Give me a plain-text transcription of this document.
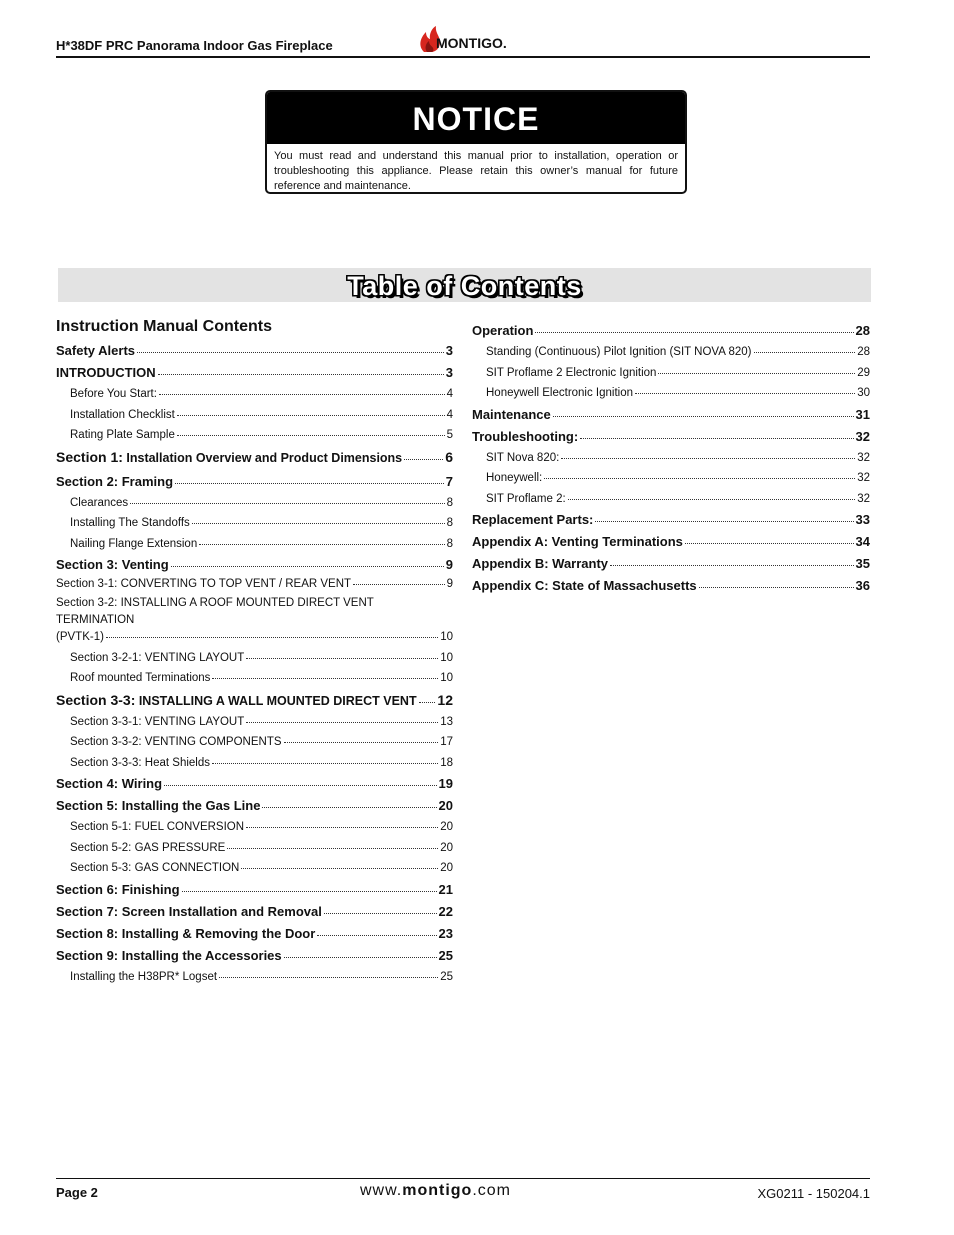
H*38DF PRC Panorama Indoor Gas Fireplace	MONTIGO.
NOTICE
You must read and understand this manual prior to installation, operation or troubleshooting this appliance. Please retain this owner’s manual for future reference and maintenance.
Table of Contents
Instruction Manual Contents
Safety Alerts	3
INTRODUCTION	3
Before You Start:	4
Installation Checklist	4
Rating Plate Sample	5
Section 1: Installation Overview and Product Dimensions	6
Section 2: Framing	7
Clearances	8
Installing The Standoffs	8
Nailing Flange Extension	8
Section 3: Venting	9
Section 3-1: CONVERTING TO TOP VENT / REAR VENT	9
Section 3-2: INSTALLING A ROOF MOUNTED DIRECT VENT TERMINATION
(PVTK-1)	10
Section 3-2-1: VENTING LAYOUT	10
Roof mounted Terminations	10
Section 3-3: INSTALLING A WALL MOUNTED DIRECT VENT 12
Section 3-3-1: VENTING LAYOUT	13
Section 3-3-2: VENTING COMPONENTS	17
Section 3-3-3: Heat Shields	18
Section 4: Wiring	19
Section 5: Installing the Gas Line	20
Section 5-1: FUEL CONVERSION	20
Section 5-2: GAS PRESSURE	20
Section 5-3: GAS CONNECTION	20
Section 6: Finishing	21
Section 7: Screen Installation and Removal	22
Section 8: Installing & Removing the Door	23
Section 9: Installing the Accessories	25
Installing the H38PR* Logset	25
Operation	28
Standing (Continuous) Pilot Ignition (SIT NOVA 820)	28
SIT Proflame 2 Electronic Ignition	29
Honeywell Electronic Ignition	30
Maintenance	31
Troubleshooting:	32
SIT Nova 820:	32
Honeywell:	32
SIT Proflame 2:	32
Replacement Parts:	33
Appendix A: Venting Terminations	34
Appendix B: Warranty	35
Appendix C: State of Massachusetts	36
Page 2	www.montigo.com	XG0211 - 150204.1
